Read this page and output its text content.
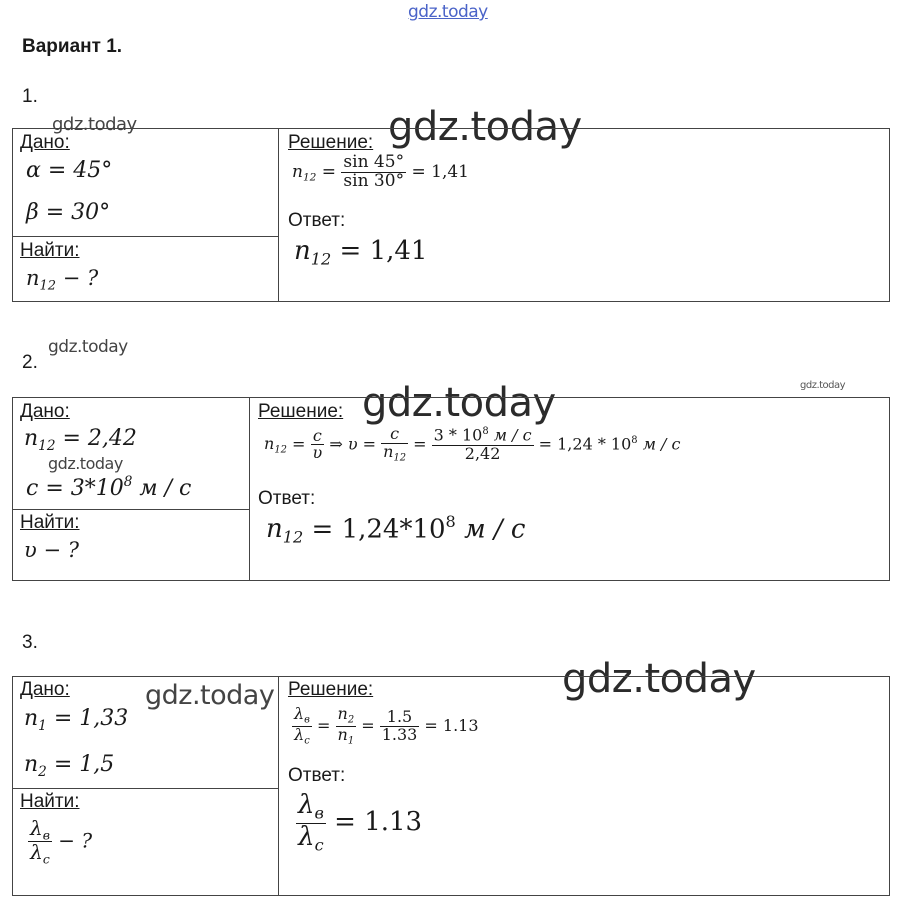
gdz.today
gdz.today	gdz.today
gdz.today
gdz.today
gdz.today
gdz.today
gdz.today
gdz.today
Вариант 1.
1.
Дано:
α = 45°
β = 30°
Найти:
$n_{12}$ − ?
Решение:
$n_{12} = \frac{\sin 45^\circ}{\sin 30^\circ} = 1,41$
Ответ:
$n_{12} = 1,41$
2.
Дано:
$n_{12} = 2,42$
$c = 3*10^8$ м / с
Найти:
υ − ?
Решение:
$n_{12} = \frac{c}{\upsilon}$ ⇒ $\upsilon = \frac{c}{n_{12}} = \frac{3 * 10^8 м / с}{2,42} = 1,24 * 10^8$ м / с
Ответ:
$n_{12} = 1,24*10^8$ м / с
3.
Дано:
$n_1 = 1,33$
$n_2 = 1,5$
Найти:
$\frac{\lambda_в}{\lambda_с}$ − ?
Решение:
$\frac{\lambda_в}{\lambda_с} = \frac{n_2}{n_1} = \frac{1.5}{1.33} = 1.13$
Ответ:
$\frac{\lambda_в}{\lambda_с} = 1.13$
